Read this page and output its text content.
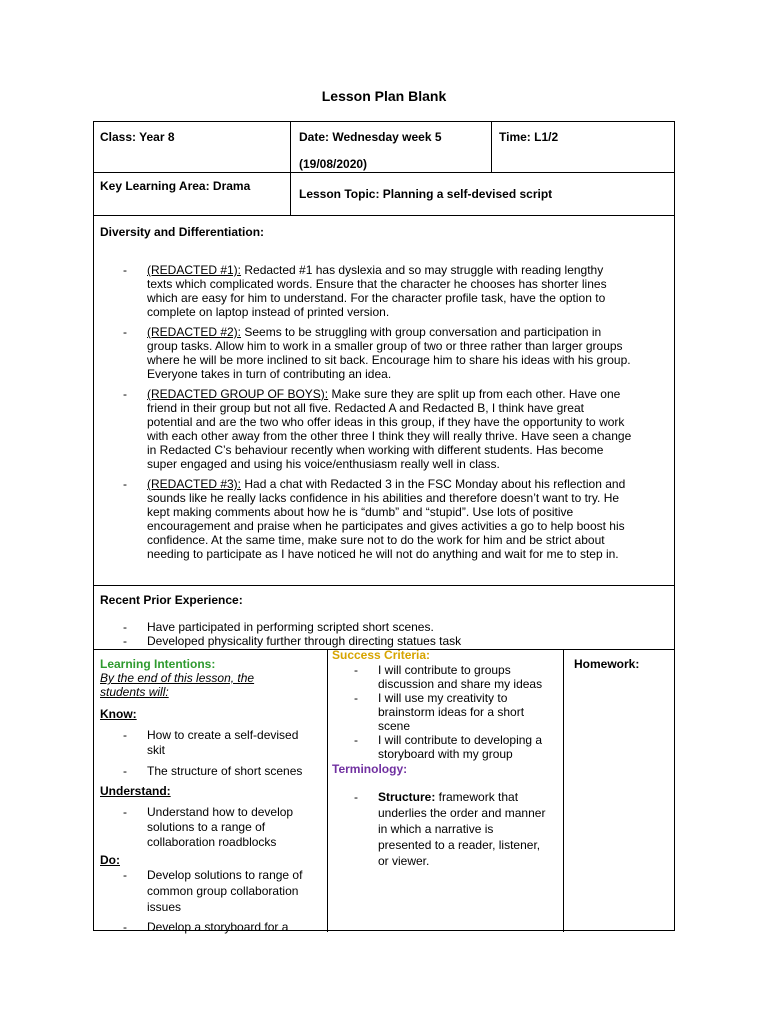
Lesson Plan Blank
Class: Year 8	Date: Wednesday week 5
(19/08/2020)
Time: L1/2
Key Learning Area: Drama
Lesson Topic: Planning a self-devised script
Diversity and Differentiation:
- (REDACTED #1): Redacted #1 has dyslexia and so may struggle with reading lengthy
texts which complicated words. Ensure that the character he chooses has shorter lines
which are easy for him to understand. For the character profile task, have the option to
complete on laptop instead of printed version.
- (REDACTED #2): Seems to be struggling with group conversation and participation in
group tasks. Allow him to work in a smaller group of two or three rather than larger groups
where he will be more inclined to sit back. Encourage him to share his ideas with his group.
Everyone takes in turn of contributing an idea.
- (REDACTED GROUP OF BOYS): Make sure they are split up from each other. Have one
friend in their group but not all five. Redacted A and Redacted B, I think have great
potential and are the two who offer ideas in this group, if they have the opportunity to work
with each other away from the other three I think they will really thrive. Have seen a change
in Redacted C’s behaviour recently when working with different students. Has become
super engaged and using his voice/enthusiasm really well in class.
- (REDACTED #3): Had a chat with Redacted 3 in the FSC Monday about his reflection and
sounds like he really lacks confidence in his abilities and therefore doesn’t want to try. He
kept making comments about how he is “dumb” and “stupid”. Use lots of positive
encouragement and praise when he participates and gives activities a go to help boost his
confidence. At the same time, make sure not to do the work for him and be strict about
needing to participate as I have noticed he will not do anything and wait for me to step in.
Recent Prior Experience:
- Have participated in performing scripted short scenes.
- Developed physicality further through directing statues task
Learning Intentions:
By the end of this lesson, the
students will:
Know:
- How to create a self-devised
skit
- The structure of short scenes
Understand:
- Understand how to develop
solutions to a range of
collaboration roadblocks
Do:
- Develop solutions to range of
common group collaboration
issues
- Develop a storyboard for a
Success Criteria:
- I will contribute to groups
discussion and share my ideas
- I will use my creativity to
brainstorm ideas for a short
scene
- I will contribute to developing a
storyboard with my group
Terminology:
- Structure: framework that
underlies the order and manner
in which a narrative is
presented to a reader, listener,
or viewer.
Homework:
